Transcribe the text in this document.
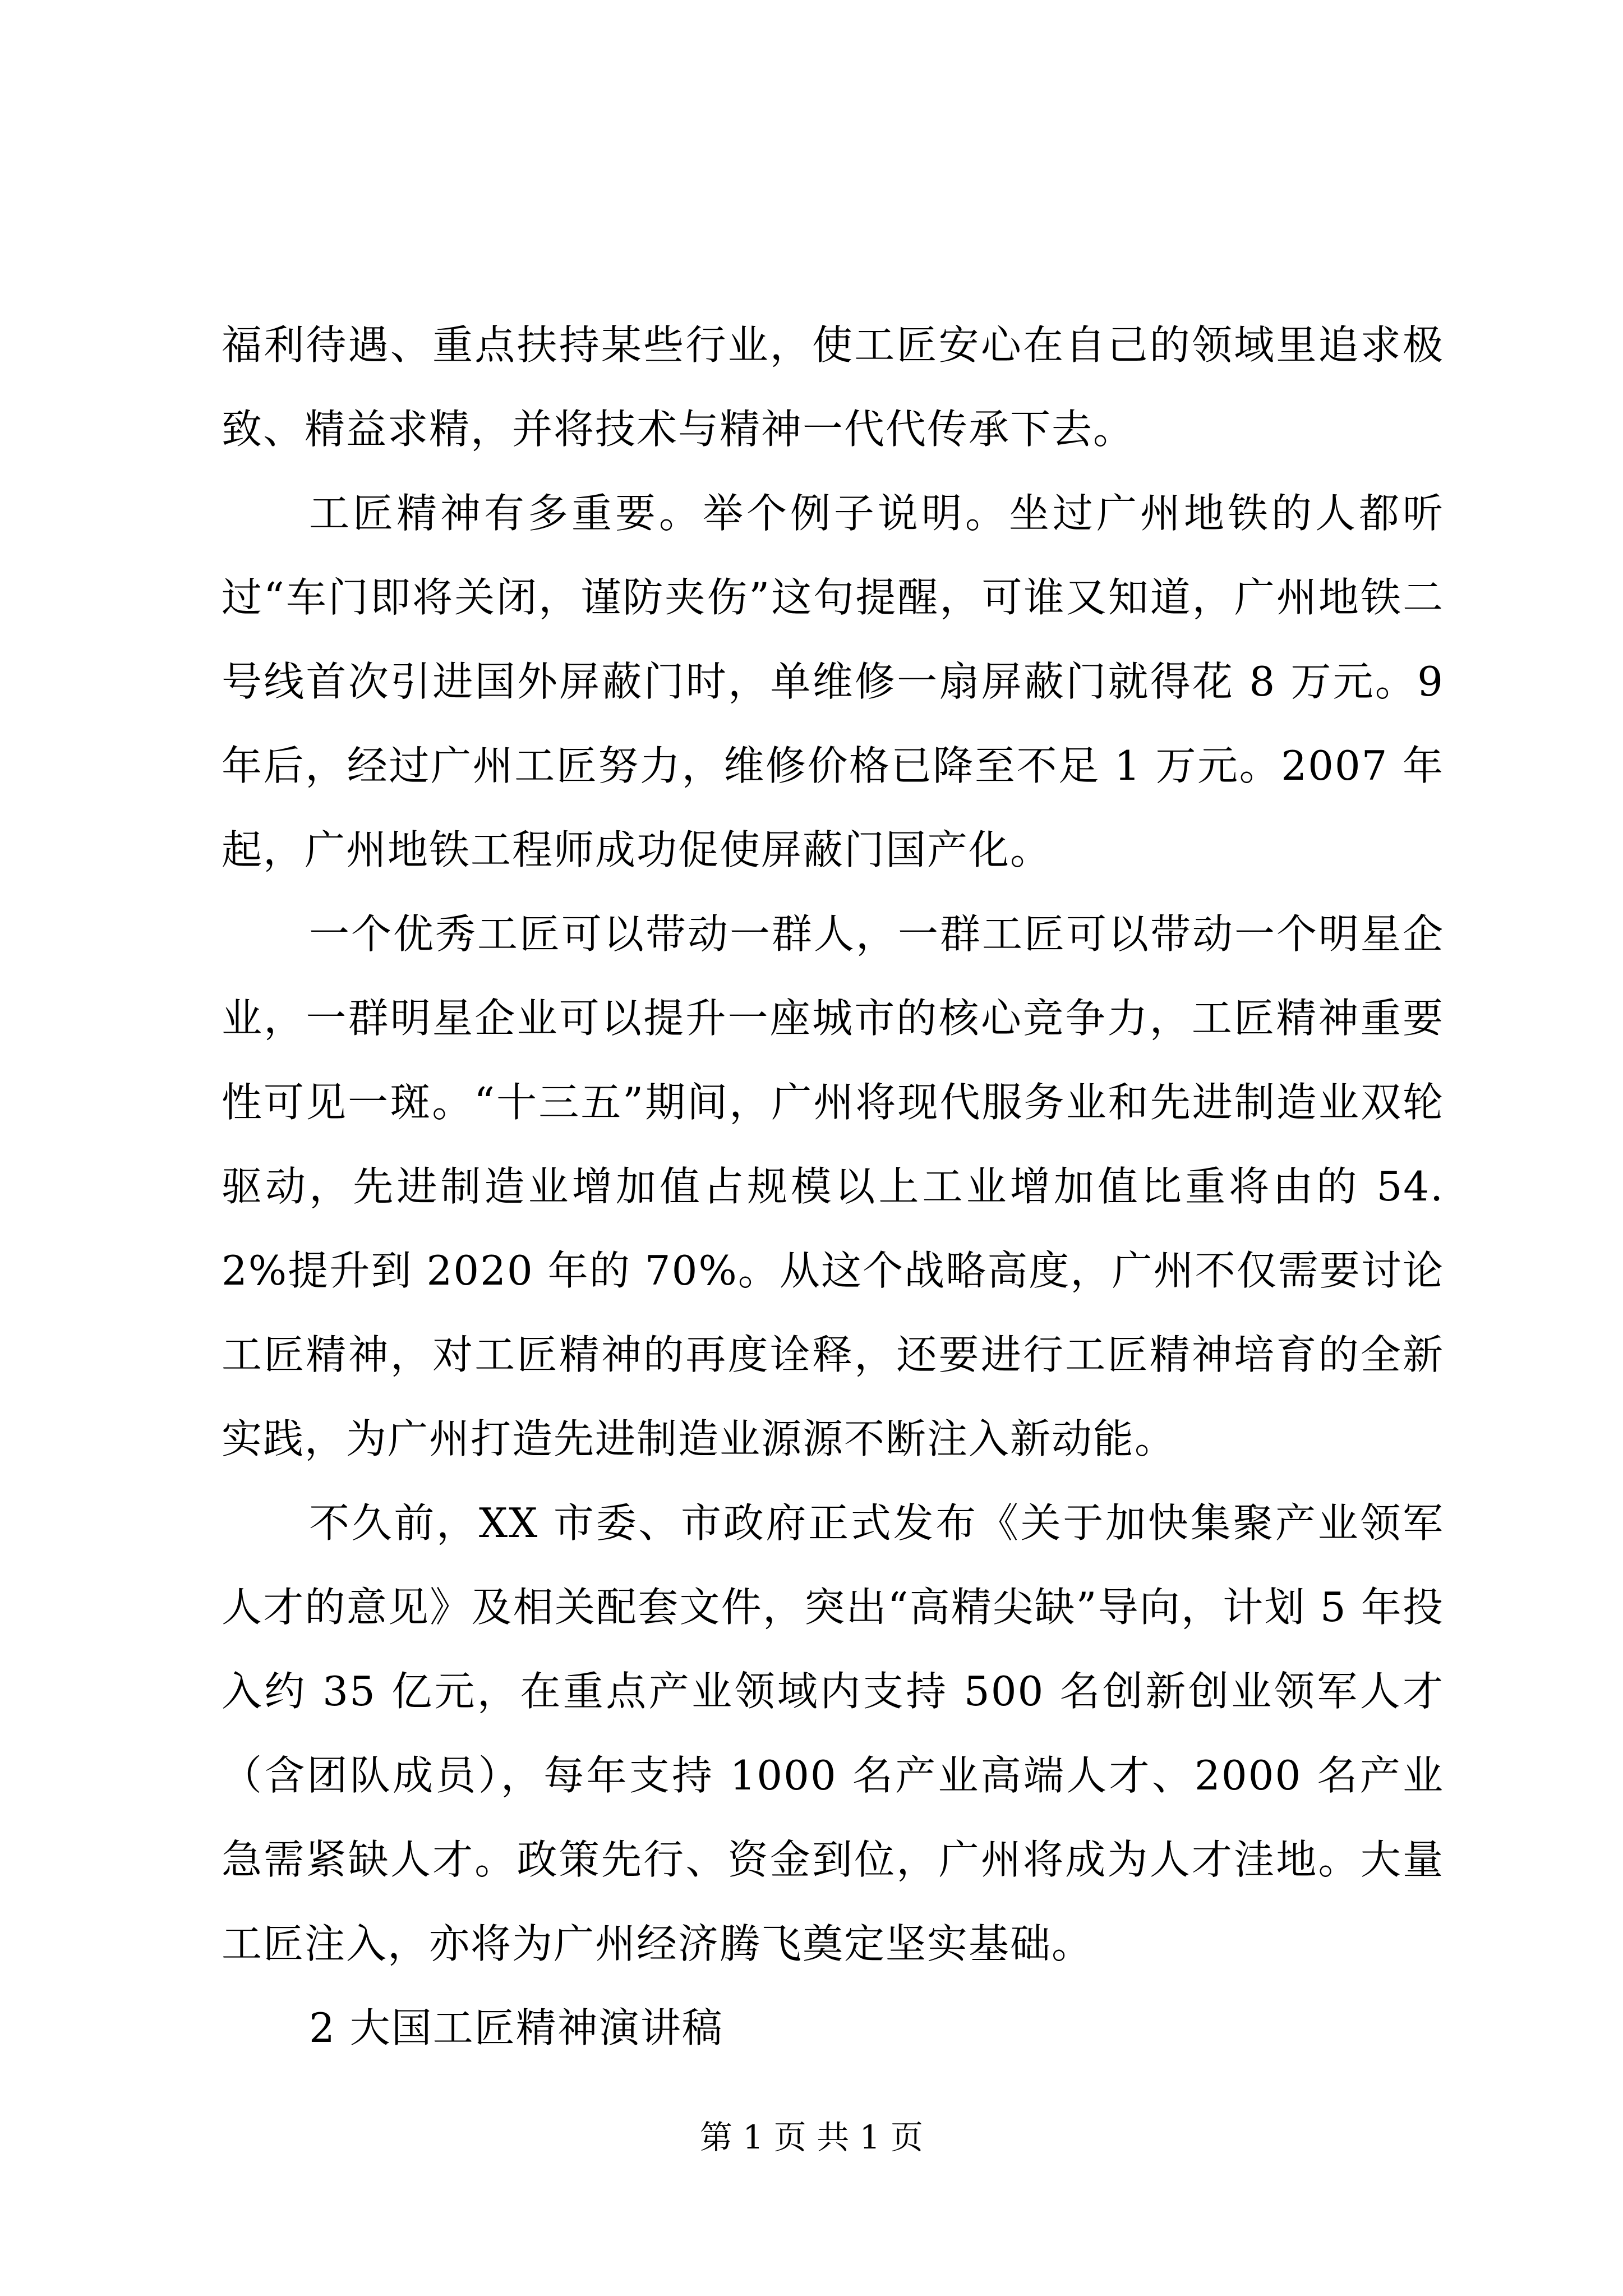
福利待遇、重点扶持某些行业，使工匠安心在自己的领域里追求极致、精益求精，并将技术与精神一代代传承下去。

工匠精神有多重要。举个例子说明。坐过广州地铁的人都听过“车门即将关闭，谨防夹伤”这句提醒，可谁又知道，广州地铁二号线首次引进国外屏蔽门时，单维修一扇屏蔽门就得花 8 万元。9 年后，经过广州工匠努力，维修价格已降至不足 1 万元。2007 年起，广州地铁工程师成功促使屏蔽门国产化。

一个优秀工匠可以带动一群人，一群工匠可以带动一个明星企业，一群明星企业可以提升一座城市的核心竞争力，工匠精神重要性可见一斑。“十三五”期间，广州将现代服务业和先进制造业双轮驱动，先进制造业增加值占规模以上工业增加值比重将由的 54.2%提升到 2020 年的 70%。从这个战略高度，广州不仅需要讨论工匠精神，对工匠精神的再度诠释，还要进行工匠精神培育的全新实践，为广州打造先进制造业源源不断注入新动能。

不久前，XX 市委、市政府正式发布《关于加快集聚产业领军人才的意见》及相关配套文件，突出“高精尖缺”导向，计划 5 年投入约 35 亿元，在重点产业领域内支持 500 名创新创业领军人才（含团队成员），每年支持 1000 名产业高端人才、2000 名产业急需紧缺人才。政策先行、资金到位，广州将成为人才洼地。大量工匠注入，亦将为广州经济腾飞奠定坚实基础。

2 大国工匠精神演讲稿

第 1 页 共 1 页
